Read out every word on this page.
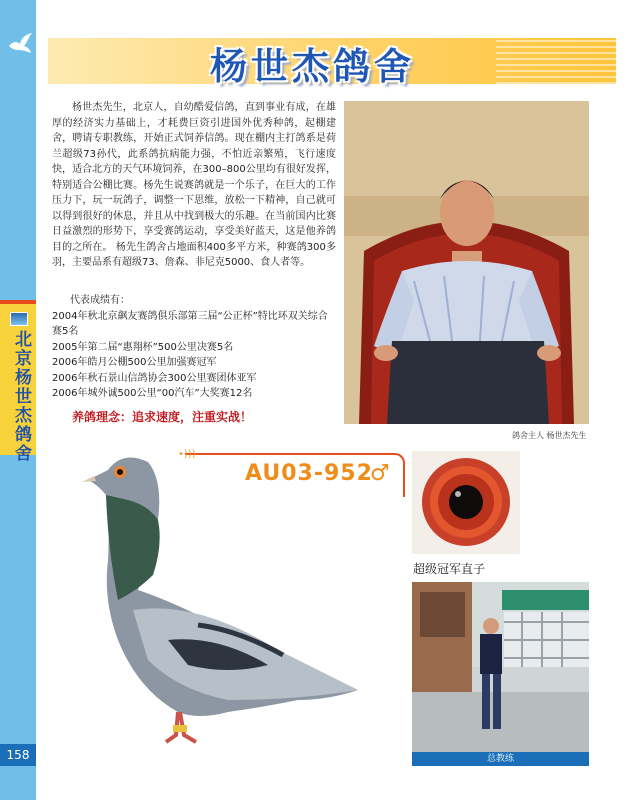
北京杨世杰鸽舍
158
杨世杰鸽舍
杨世杰先生，北京人，自幼酷爱信鸽，直到事业有成，在雄厚的经济实力基础上，才耗费巨资引进国外优秀种鸽，起棚建舍，聘请专职教练，开始正式饲养信鸽。现在棚内主打鸽系是荷兰超级73孙代，此系鸽抗病能力强，不怕近亲繁殖，飞行速度快，适合北方的天气环境饲养，在300–800公里均有很好发挥，特别适合公棚比赛。杨先生说赛鸽就是一个乐子，在巨大的工作压力下，玩一玩鸽子，调整一下思维，放松一下精神，自己就可以得到很好的休息，并且从中找到极大的乐趣。在当前国内比赛日益激烈的形势下，享受赛鸽运动，享受美好蓝天，这是他养鸽目的之所在。 杨先生鸽舍占地面积400多平方米，种赛鸽300多羽，主要品系有超级73、詹森、非尼克5000、食人者等。
代表成绩有：
2004年秋北京飙友赛鸽俱乐部第三届“公正杯”特比环双关综合赛5名
2005年第二届“惠翔杯”500公里决赛5名
2006年皓月公棚500公里加强赛冠军
2006年秋石景山信鸽协会300公里赛团体亚军
2006年城外诚500公里“00汽车”大奖赛12名
养鸽理念：追求速度，注重实战！
鸽舍主人 杨世杰先生
•)))
AU03-952
♂
超级冠军直子
总教练
